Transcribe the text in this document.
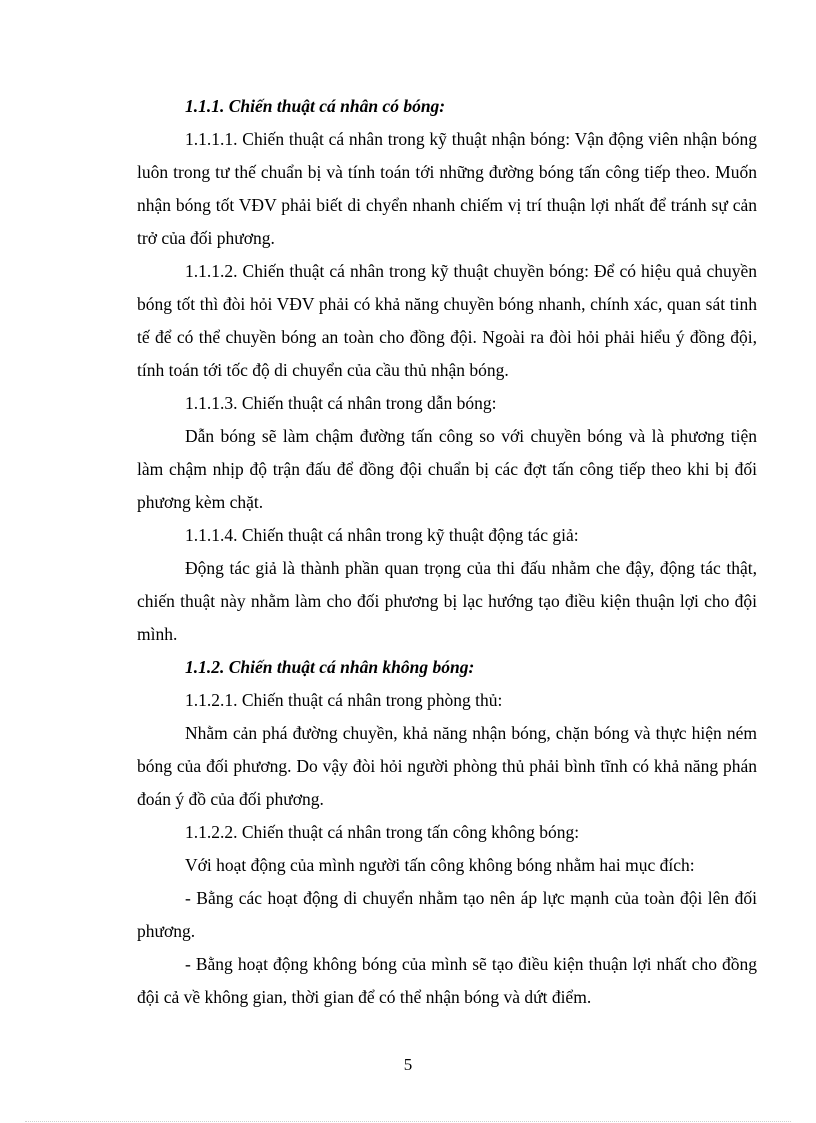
1.1.1. Chiến thuật cá nhân có bóng:

1.1.1.1. Chiến thuật cá nhân trong kỹ thuật nhận bóng: Vận động viên nhận bóng luôn trong tư thế chuẩn bị và tính toán tới những đường bóng tấn công tiếp theo. Muốn nhận bóng tốt VĐV phải biết di chyển nhanh chiếm vị trí thuận lợi nhất để tránh sự cản trở của đối phương.

1.1.1.2. Chiến thuật cá nhân trong kỹ thuật chuyền bóng: Để có hiệu quả chuyền bóng tốt thì đòi hỏi VĐV phải có khả năng chuyền bóng nhanh, chính xác, quan sát tinh tế để có thể chuyền bóng an toàn cho đồng đội. Ngoài ra đòi hỏi phải hiểu ý đồng đội, tính toán tới tốc độ di chuyển của cầu thủ nhận bóng.

1.1.1.3. Chiến thuật cá nhân trong dẫn bóng:

Dẫn bóng sẽ làm chậm đường tấn công so với chuyền bóng và là phương tiện làm chậm nhịp độ trận đấu để đồng đội chuẩn bị các đợt tấn công tiếp theo khi bị đối phương kèm chặt.

1.1.1.4. Chiến thuật cá nhân trong kỹ thuật động tác giả:

Động tác giả là thành phần quan trọng của thi đấu nhằm che đậy, động tác thật, chiến thuật này nhằm làm cho đối phương bị lạc hướng tạo điều kiện thuận lợi cho đội mình.

1.1.2. Chiến thuật cá nhân không bóng:

1.1.2.1. Chiến thuật cá nhân trong phòng thủ:

Nhằm cản phá đường chuyền, khả năng nhận bóng, chặn bóng và thực hiện ném bóng của đối phương. Do vậy đòi hỏi người phòng thủ phải bình tĩnh có khả năng phán đoán ý đồ của đối phương.

1.1.2.2. Chiến thuật cá nhân trong tấn công không bóng:

Với hoạt động của mình người tấn công không bóng nhằm hai mục đích:

- Bằng các hoạt động di chuyển nhằm tạo nên áp lực mạnh của toàn đội lên đối phương.

- Bằng hoạt động không bóng của mình sẽ tạo điều kiện thuận lợi nhất cho đồng đội cả về không gian, thời gian để có thể nhận bóng và dứt điểm.

5
